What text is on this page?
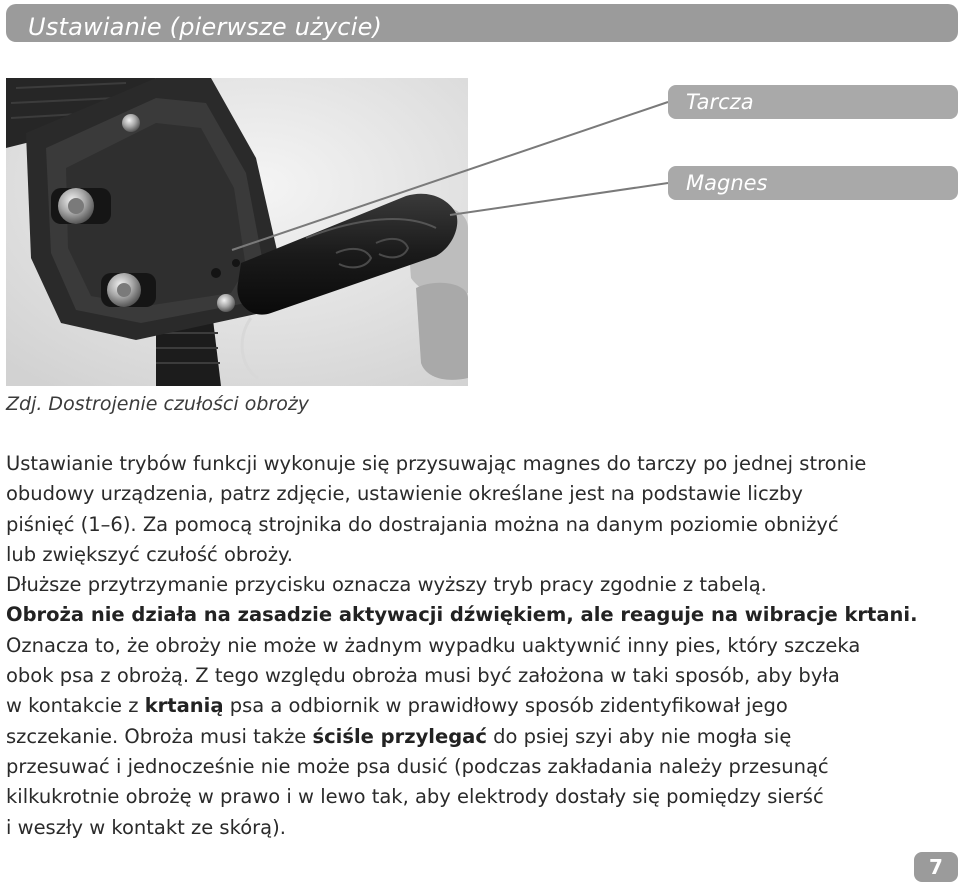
Ustawianie (pierwsze użycie)
Tarcza
Magnes
Zdj. Dostrojenie czułości obroży

Ustawianie trybów funkcji wykonuje się przysuwając magnes do tarczy po jednej stronie
obudowy urządzenia, patrz zdjęcie, ustawienie określane jest na podstawie liczby
piśnięć (1–6). Za pomocą strojnika do dostrajania można na danym poziomie obniżyć
lub zwiększyć czułość obroży.

Dłuższe przytrzymanie przycisku oznacza wyższy tryb pracy zgodnie z tabelą.

Obroża nie działa na zasadzie aktywacji dźwiękiem, ale reaguje na wibracje krtani.

Oznacza to, że obroży nie może w żadnym wypadku uaktywnić inny pies, który szczeka
obok psa z obrożą. Z tego względu obroża musi być założona w taki sposób, aby była
w kontakcie z krtanią psa a odbiornik w prawidłowy sposób zidentyfikował jego
szczekanie. Obroża musi także ściśle przylegać do psiej szyi aby nie mogła się
przesuwać i jednocześnie nie może psa dusić (podczas zakładania należy przesunąć
kilkukrotnie obrożę w prawo i w lewo tak, aby elektrody dostały się pomiędzy sierść
i weszły w kontakt ze skórą).

7
